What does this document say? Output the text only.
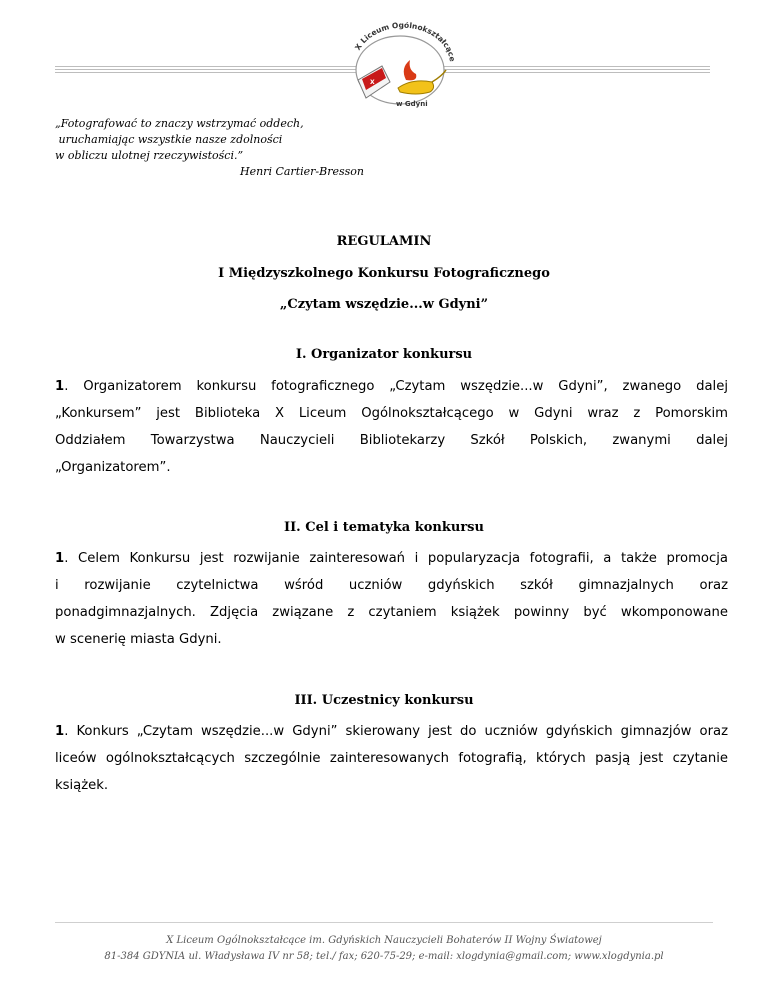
X Liceum Ogólnokształcące
X
w Gdyni
„Fotografować to znaczy wstrzymać oddech,
uruchamiając wszystkie nasze zdolności
w obliczu ulotnej rzeczywistości.”
Henri Cartier-Bresson
REGULAMIN
I Międzyszkolnego Konkursu Fotograficznego
„Czytam wszędzie...w Gdyni”
I. Organizator konkursu
1. Organizatorem konkursu fotograficznego „Czytam wszędzie...w Gdyni”, zwanego dalej
„Konkursem” jest Biblioteka X Liceum Ogólnokształcącego w Gdyni wraz z Pomorskim
Oddziałem Towarzystwa Nauczycieli Bibliotekarzy Szkół Polskich, zwanymi dalej
„Organizatorem”.
II. Cel i tematyka konkursu
1. Celem Konkursu jest rozwijanie zainteresowań i popularyzacja fotografii, a także promocja
i rozwijanie czytelnictwa wśród uczniów gdyńskich szkół gimnazjalnych oraz
ponadgimnazjalnych. Zdjęcia związane z czytaniem książek powinny być wkomponowane
w scenerię miasta Gdyni.
III. Uczestnicy konkursu
1. Konkurs „Czytam wszędzie...w Gdyni” skierowany jest do uczniów gdyńskich gimnazjów oraz
liceów ogólnokształcących szczególnie zainteresowanych fotografią, których pasją jest czytanie
książek.
X Liceum Ogólnokształcące im. Gdyńskich Nauczycieli Bohaterów II Wojny Światowej
81-384 GDYNIA ul. Władysława IV nr 58; tel./ fax; 620-75-29; e-mail: xlogdynia@gmail.com; www.xlogdynia.pl
